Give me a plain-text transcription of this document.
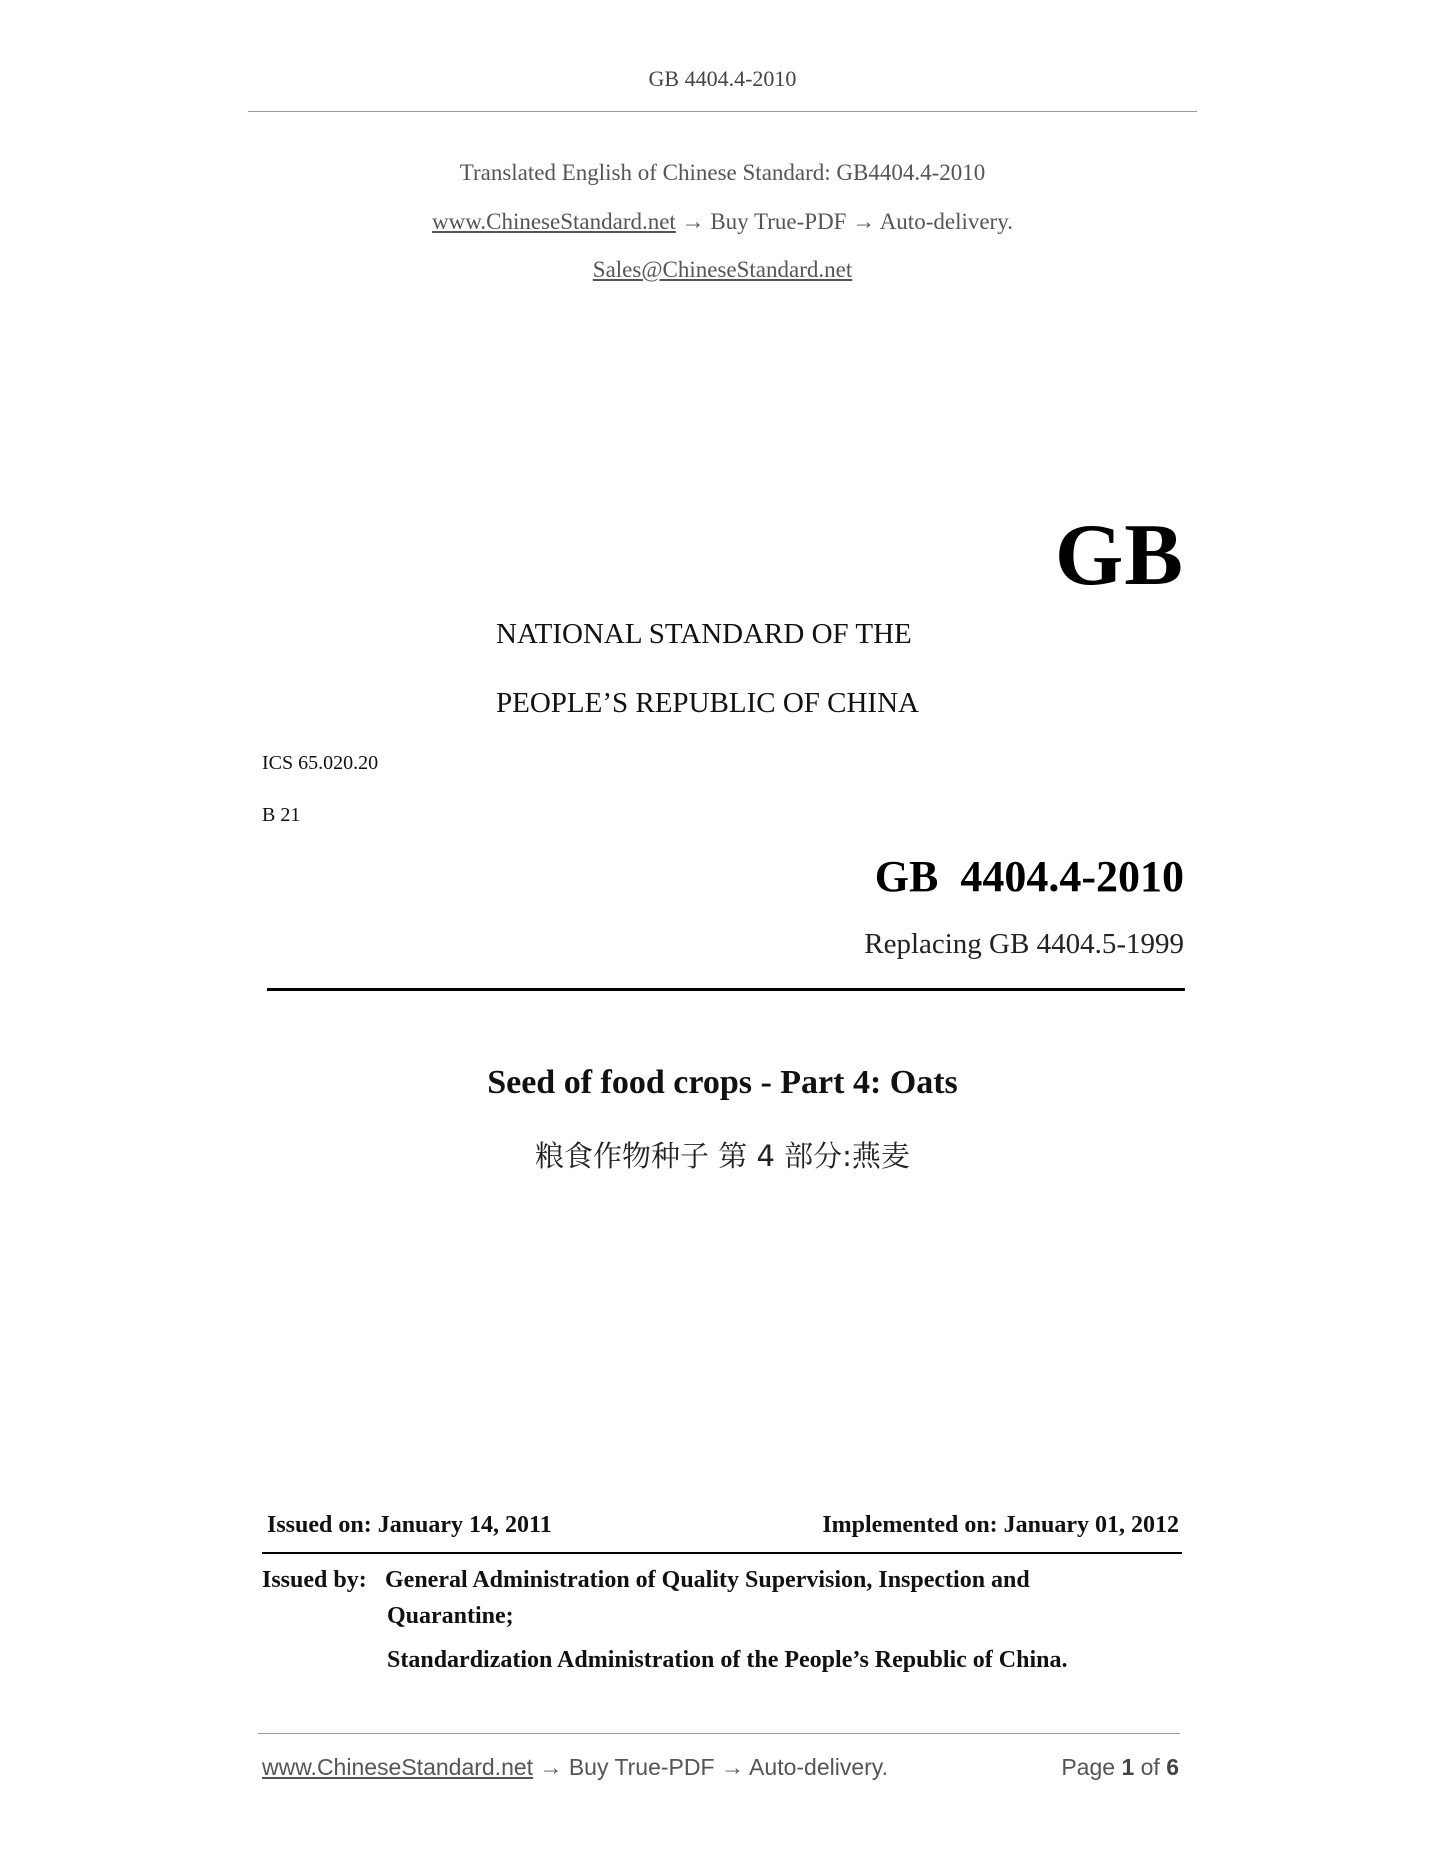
GB 4404.4-2010
Translated English of Chinese Standard: GB4404.4-2010
www.ChineseStandard.net → Buy True-PDF → Auto-delivery.
Sales@ChineseStandard.net
GB
NATIONAL STANDARD OF THE
PEOPLE’S REPUBLIC OF CHINA
ICS 65.020.20
B 21
GB  4404.4-2010
Replacing GB 4404.5-1999
Seed of food crops - Part 4: Oats
粮食作物种子 第 4 部分:燕麦
Issued on: January 14, 2011	Implemented on: January 01, 2012
Issued by: General Administration of Quality Supervision, Inspection and
Quarantine;
Standardization Administration of the People’s Republic of China.
www.ChineseStandard.net → Buy True-PDF → Auto-delivery.	Page 1 of 6
